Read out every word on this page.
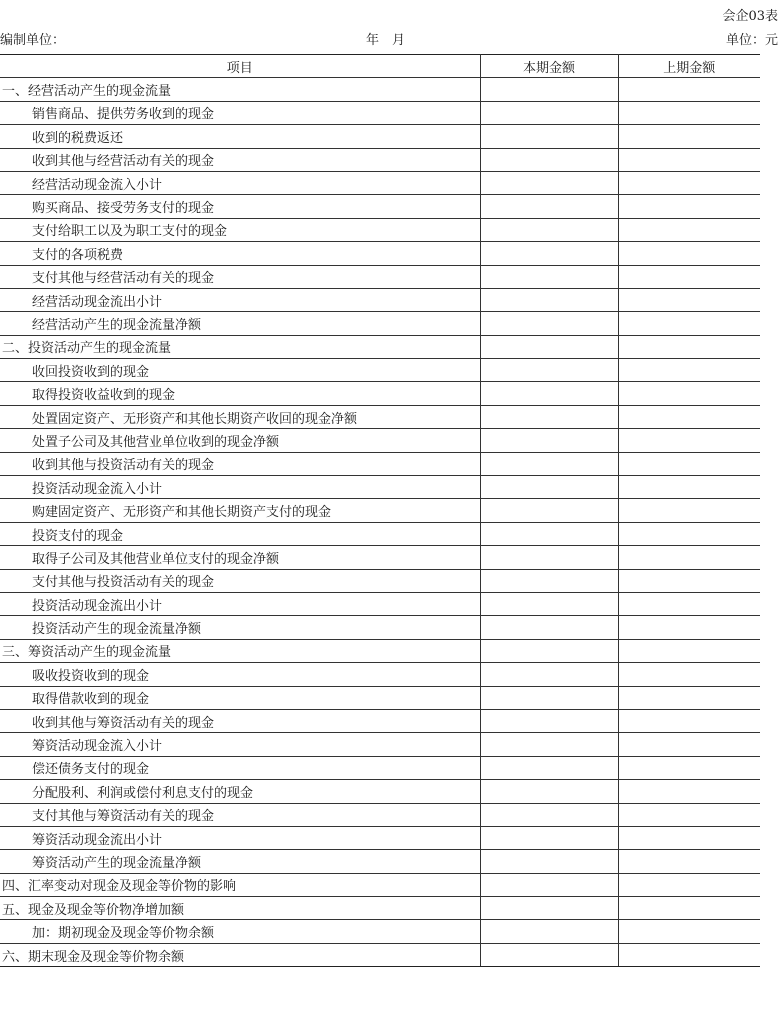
会企03表
编制单位：	年　月	单位：元
项目	本期金额	上期金额
一、经营活动产生的现金流量		
销售商品、提供劳务收到的现金		
收到的税费返还		
收到其他与经营活动有关的现金		
经营活动现金流入小计		
购买商品、接受劳务支付的现金		
支付给职工以及为职工支付的现金		
支付的各项税费		
支付其他与经营活动有关的现金		
经营活动现金流出小计		
经营活动产生的现金流量净额		
二、投资活动产生的现金流量		
收回投资收到的现金		
取得投资收益收到的现金		
处置固定资产、无形资产和其他长期资产收回的现金净额		
处置子公司及其他营业单位收到的现金净额		
收到其他与投资活动有关的现金		
投资活动现金流入小计		
购建固定资产、无形资产和其他长期资产支付的现金		
投资支付的现金		
取得子公司及其他营业单位支付的现金净额		
支付其他与投资活动有关的现金		
投资活动现金流出小计		
投资活动产生的现金流量净额		
三、筹资活动产生的现金流量		
吸收投资收到的现金		
取得借款收到的现金		
收到其他与筹资活动有关的现金		
筹资活动现金流入小计		
偿还债务支付的现金		
分配股利、利润或偿付利息支付的现金		
支付其他与筹资活动有关的现金		
筹资活动现金流出小计		
筹资活动产生的现金流量净额		
四、汇率变动对现金及现金等价物的影响		
五、现金及现金等价物净增加额		
加：期初现金及现金等价物余额		
六、期末现金及现金等价物余额		
